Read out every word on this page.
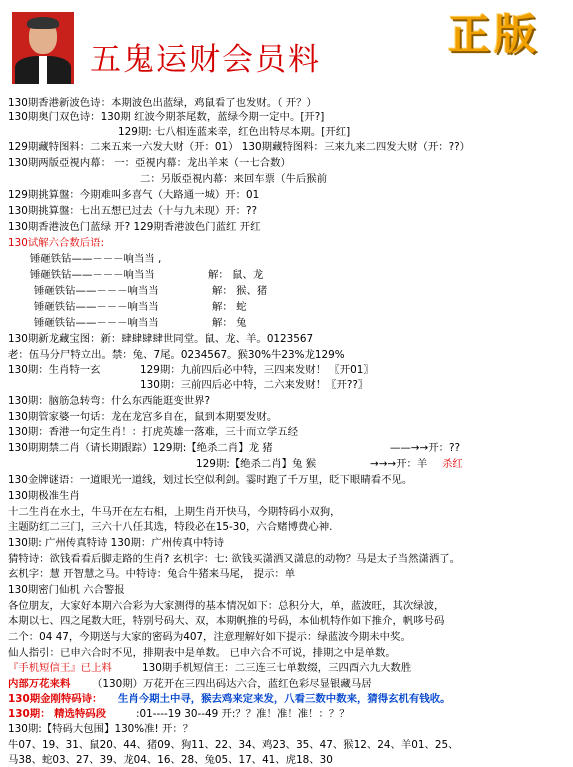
五鬼运财会员料
正版
130期香港新波色诗：本期波色出蓝绿，鸡鼠看了也发财。（ 开？）
130期奥门双色诗：130期 红波今期茶尾数，蓝绿今期一定中。[开?]
129期: 七八相连蓝来幸，红色出特尽本期。[开红]
129期藏特图料：二来五来一六发大财（开：01） 130期藏特图料：三来九来二四发大财（开：??）
130期两版亞視内幕： 一：亞視内幕：龙出羊来（一七合数）
二：另版亞視内幕：来回车票（牛后猴前
129期挑算盤：今期难叫多喜气（大路通一城）开：01
130期挑算盤：七出五想已过去（十与九未现）开：??
130期香港波色门蓝绿 开? 129期香港波色门蓝红 开红
130试解六合数后语:
锤砸铁钻——－－－响当当 ,
锤砸铁钻——－－－响当当	解： 鼠、龙
锤砸铁钻——－－－响当当	解： 猴、猪
锤砸铁钻——－－－响当当	解： 蛇
锤砸铁钻——－－－响当当	解： 兔
130期新龙藏宝图：新：肆肆肆肆世同堂。鼠、龙、羊。0123567
老：伍马分尸特立出。禁：兔、7尾。0234567。猴30%牛23%龙129%
130期：生肖特一玄	129期：九前四后必中特，三四来发财！ 〖开01〗
130期：三前四后必中特，二六来发财！〖开??〗
130期：脑筋急转弯：什么东西能逛变世界?
130期管家婆一句话：龙在龙宫多自在，鼠到本期要发财。
130期：香港一句定生肖！：打虎英雄一落难，三十而立学五经
130期期禁二肖（请长期跟踪）129期:【绝杀二肖】龙 猪	——→→开：??
129期:【绝杀二肖】兔 猴	→→→开：羊 杀红
130金牌谜语：一道眼光一道线，划过长空似利剑。霎时跑了千万里，眨下眼睛看不见。
130期极准生肖
十二生肖在水土，牛马开在左右相，上期生肖开快马，今期特码小双狗，
主题防红二三门，三六十八任其选，特段必在15-30，六合赌博费心神.
130期: 广州传真特诗 130期：广州传真中特诗
猜特诗：欲钱看看后脚走路的生肖? 玄机字：七: 欲钱买潇洒又潇息的动物？马是太子当然潇洒了。
玄机字：慧 开智慧之马。中特诗：兔合牛猪来马尾， 提示：单
130期密门仙机 六合警报
各位朋友，大家好本期六合彩为大家测得的基本情况如下：总积分大，单，蓝波旺，其次绿波，
本期以七、四之尾数大旺，特别号码大、双，本期帆推的号码，本仙机特作如下推介，帆哆号码
二个：04 47，今期送与大家的密码为407，注意理解好如下提示：绿蓝波今期未中奖。
仙人指引：已申六合时不见，排期表中是单数。 已申六合不可说，排期之中是单数。
『手机短信王』已上料	130期手机短信王：二三连三七单数缀，三四酉六九大数胜
内部万花来料 （130期）万花开在三四出码达六合，蓝红色彩尽显银藏马居
130期金刚特码诗： 生肖今期土中寻，猴去鸡来定来发，八看三数中数来，猜得玄机有钱收。
130期： 精选特码段	:01----19 30--49 开:？？准！准！准！：？？
130期:【特码大包围】130%准! 开：？
牛07、19、31、鼠20、44、猪09、狗11、22、34、鸡23、35、47、猴12、24、羊01、25、
马38、蛇03、27、39、龙04、16、28、兔05、17、41、虎18、30
